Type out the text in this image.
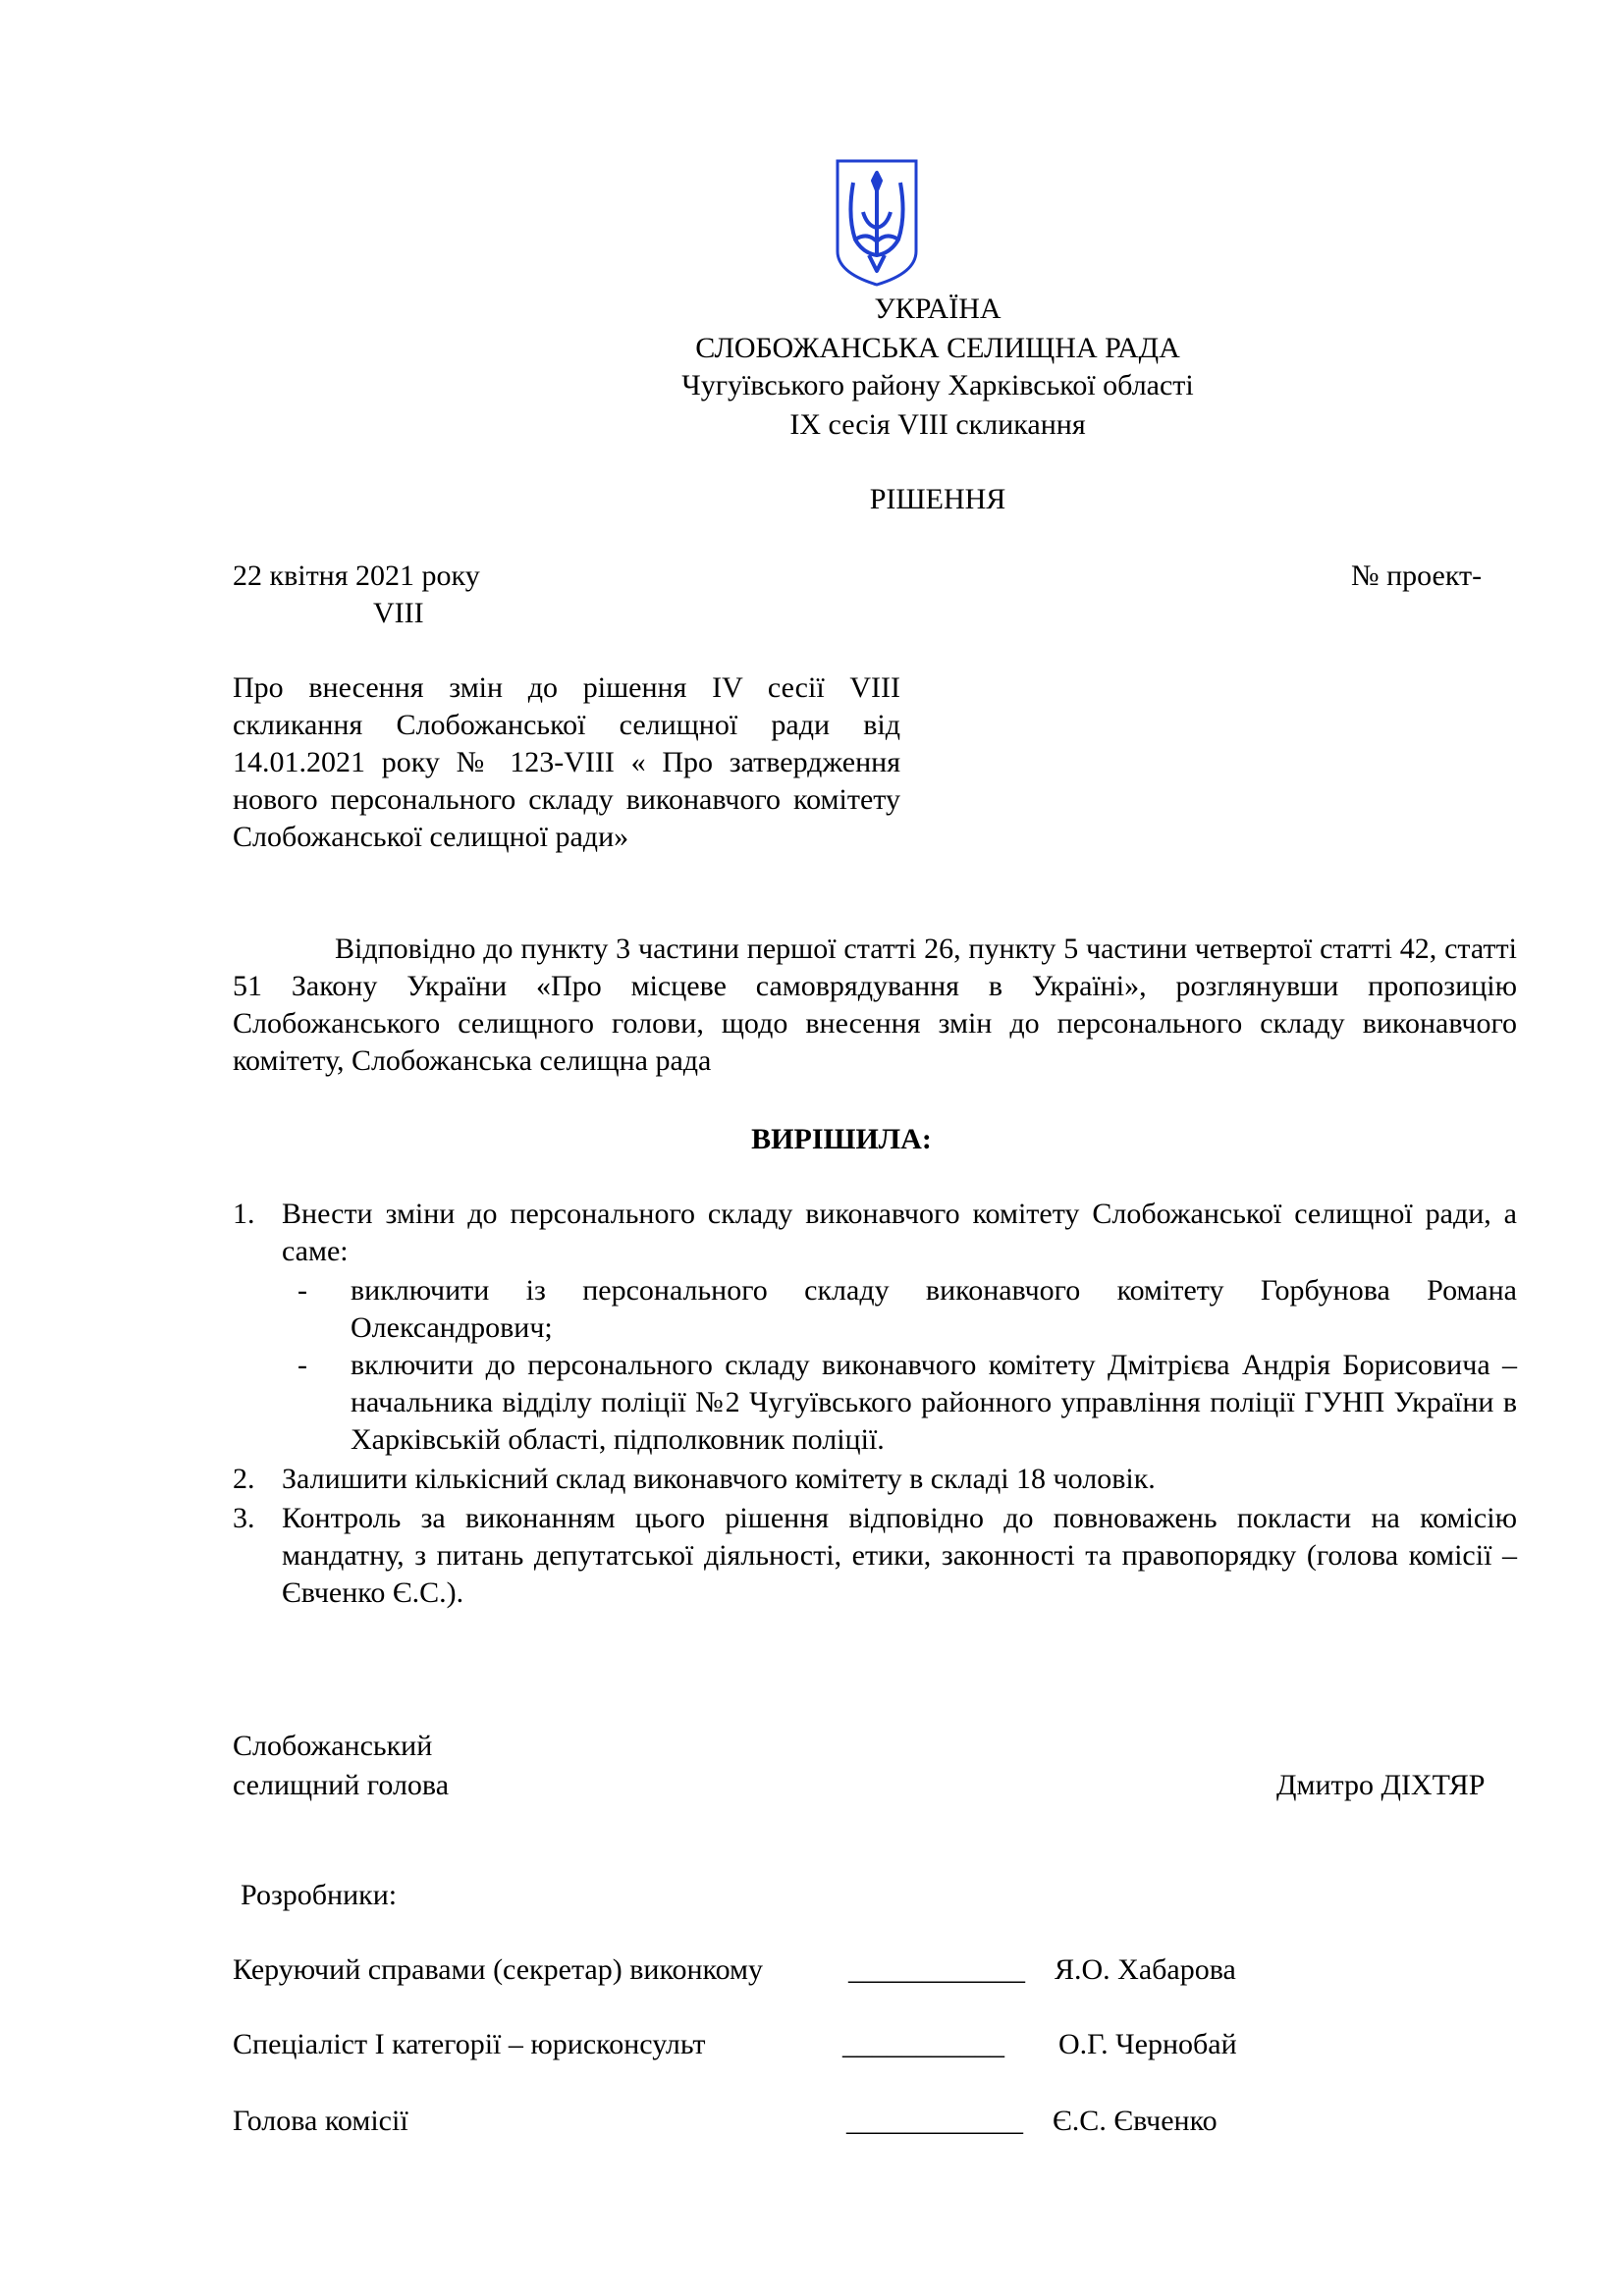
УКРАЇНА
СЛОБОЖАНСЬКА СЕЛИЩНА РАДА
Чугуївського району Харківської області
IX сесія VIII скликання
РІШЕННЯ
22 квітня 2021 року	№ проект-
VIII
Про внесення змін до рішення IV сесії VIII скликання Слобожанської селищної ради від 14.01.2021 року № 123-VIII « Про затвердження нового персонального складу виконавчого комітету Слобожанської селищної ради»
Відповідно до пункту 3 частини першої статті 26, пункту 5 частини четвертої статті 42, статті 51 Закону України «Про місцеве самоврядування в Україні», розглянувши пропозицію Слобожанського селищного голови, щодо внесення змін до персонального складу виконавчого комітету, Слобожанська селищна рада
ВИРІШИЛА:
1. Внести зміни до персонального складу виконавчого комітету Слобожанської селищної ради, а саме:
- виключити із персонального складу виконавчого комітету Горбунова Романа Олександрович;
- включити до персонального складу виконавчого комітету Дмітрієва Андрія Борисовича – начальника відділу поліції №2 Чугуївського районного управління поліції ГУНП України в Харківській області, підполковник поліції.
2. Залишити кількісний склад виконавчого комітету в складі 18 чоловік.
3. Контроль за виконанням цього рішення відповідно до повноважень покласти на комісію мандатну, з питань депутатської діяльності, етики, законності та правопорядку (голова комісії – Євченко Є.С.).
Слобожанський
селищний голова	Дмитро ДІХТЯР
Розробники:
Керуючий справами (секретар) виконкому	____________ Я.О. Хабарова
Спеціаліст І категорії – юрисконсульт	___________ О.Г. Чернобай
Голова комісії	____________ Є.С. Євченко
